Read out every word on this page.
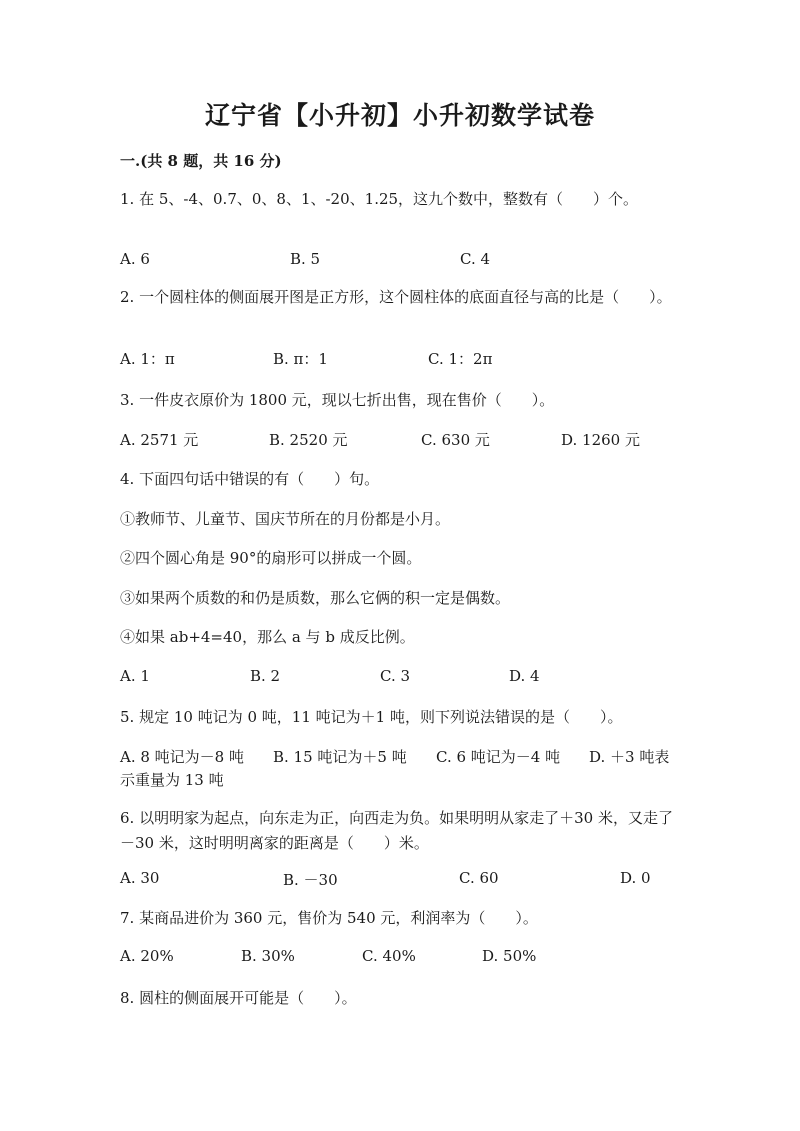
辽宁省【小升初】小升初数学试卷
一.(共 8 题，共 16 分)
1. 在 5、-4、0.7、0、8、1、-20、1.25，这九个数中，整数有（　　）个。
A. 6	B. 5	C. 4
2. 一个圆柱体的侧面展开图是正方形，这个圆柱体的底面直径与高的比是（　　）。
A. 1：π	B. π：1	C. 1：2π
3. 一件皮衣原价为 1800 元，现以七折出售，现在售价（　　）。
A. 2571 元	B. 2520 元	C. 630 元	D. 1260 元
4. 下面四句话中错误的有（　　）句。
①教师节、儿童节、国庆节所在的月份都是小月。
②四个圆心角是 90°的扇形可以拼成一个圆。
③如果两个质数的和仍是质数，那么它俩的积一定是偶数。
④如果 ab+4=40，那么 a 与 b 成反比例。
A. 1	B. 2	C. 3	D. 4
5. 规定 10 吨记为 0 吨，11 吨记为＋1 吨，则下列说法错误的是（　　）。
A. 8 吨记为－8 吨 B. 15 吨记为＋5 吨 C. 6 吨记为－4 吨 D. ＋3 吨表
示重量为 13 吨
6. 以明明家为起点，向东走为正，向西走为负。如果明明从家走了＋30 米，又走了－30 米，这时明明离家的距离是（　　）米。
A. 30	B. －30	C. 60	D. 0
7. 某商品进价为 360 元，售价为 540 元，利润率为（　　）。
A. 20%	B. 30%	C. 40%	D. 50%
8. 圆柱的侧面展开可能是（　　）。
